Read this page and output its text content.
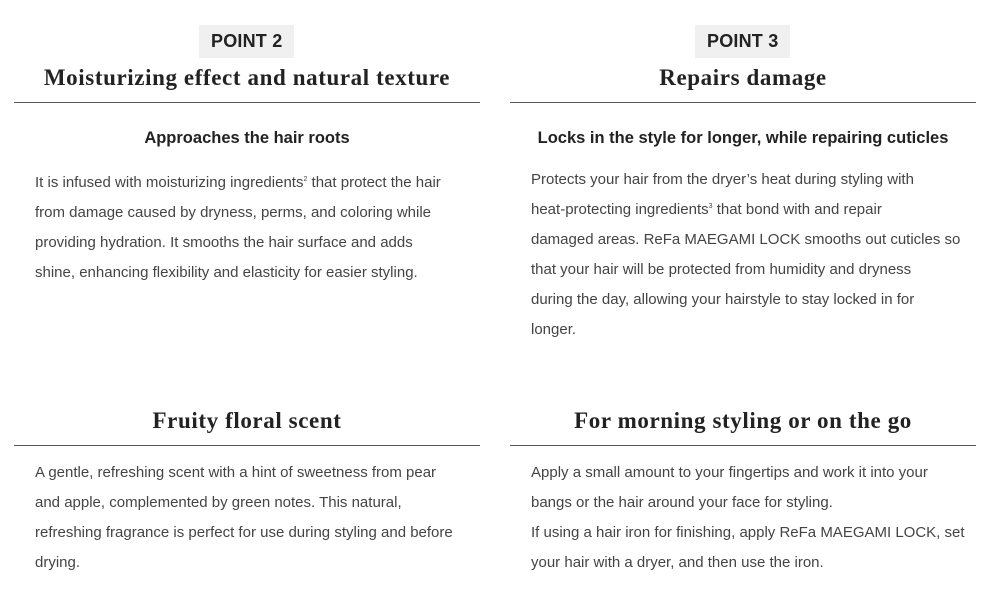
POINT 2
Moisturizing effect and natural texture
Approaches the hair roots
It is infused with moisturizing ingredients$^2$ that protect the hair
from damage caused by dryness, perms, and coloring while
providing hydration. It smooths the hair surface and adds
shine, enhancing flexibility and elasticity for easier styling.
POINT 3
Repairs damage
Locks in the style for longer, while repairing cuticles
Protects your hair from the dryer’s heat during styling with
heat-protecting ingredients$^3$ that bond with and repair
damaged areas. ReFa MAEGAMI LOCK smooths out cuticles so
that your hair will be protected from humidity and dryness
during the day, allowing your hairstyle to stay locked in for
longer.
Fruity floral scent
A gentle, refreshing scent with a hint of sweetness from pear
and apple, complemented by green notes. This natural,
refreshing fragrance is perfect for use during styling and before
drying.
For morning styling or on the go
Apply a small amount to your fingertips and work it into your
bangs or the hair around your face for styling.
If using a hair iron for finishing, apply ReFa MAEGAMI LOCK, set
your hair with a dryer, and then use the iron.
